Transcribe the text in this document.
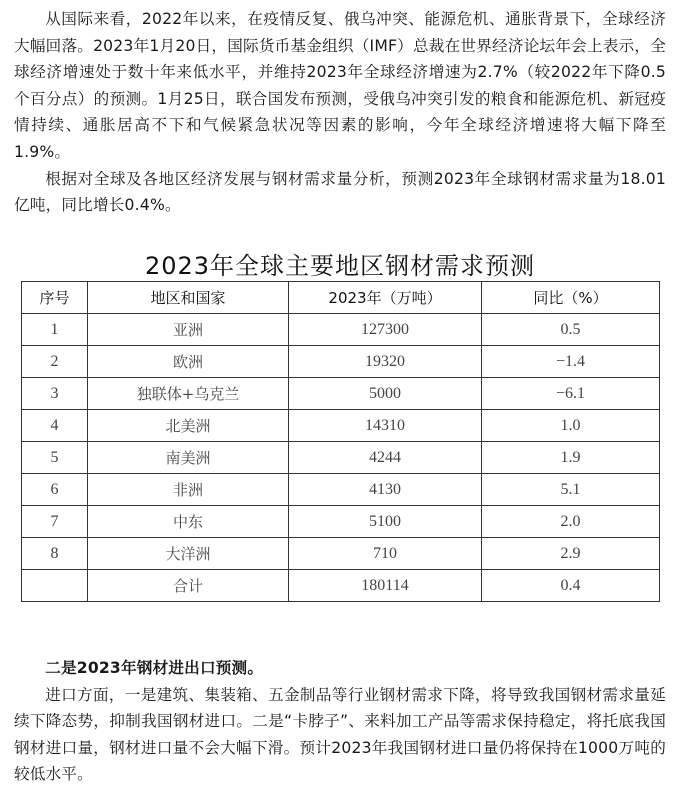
从国际来看，2022年以来，在疫情反复、俄乌冲突、能源危机、通胀背景下，全球经济大幅回落。2023年1月20日，国际货币基金组织（IMF）总裁在世界经济论坛年会上表示，全球经济增速处于数十年来低水平，并维持2023年全球经济增速为2.7%（较2022年下降0.5个百分点）的预测。1月25日，联合国发布预测，受俄乌冲突引发的粮食和能源危机、新冠疫情持续、通胀居高不下和气候紧急状况等因素的影响，今年全球经济增速将大幅下降至1.9%。

根据对全球及各地区经济发展与钢材需求量分析，预测2023年全球钢材需求量为18.01亿吨，同比增长0.4%。

2023年全球主要地区钢材需求预测
序号	地区和国家	2023年（万吨）	同比（%）
1	亚洲	127300	0.5
2	欧洲	19320	−1.4
3	独联体+乌克兰	5000	−6.1
4	北美洲	14310	1.0
5	南美洲	4244	1.9
6	非洲	4130	5.1
7	中东	5100	2.0
8	大洋洲	710	2.9
	合计	180114	0.4

二是2023年钢材进出口预测。

进口方面，一是建筑、集装箱、五金制品等行业钢材需求下降，将导致我国钢材需求量延续下降态势，抑制我国钢材进口。二是“卡脖子”、来料加工产品等需求保持稳定，将托底我国钢材进口量，钢材进口量不会大幅下滑。预计2023年我国钢材进口量仍将保持在1000万吨的较低水平。
